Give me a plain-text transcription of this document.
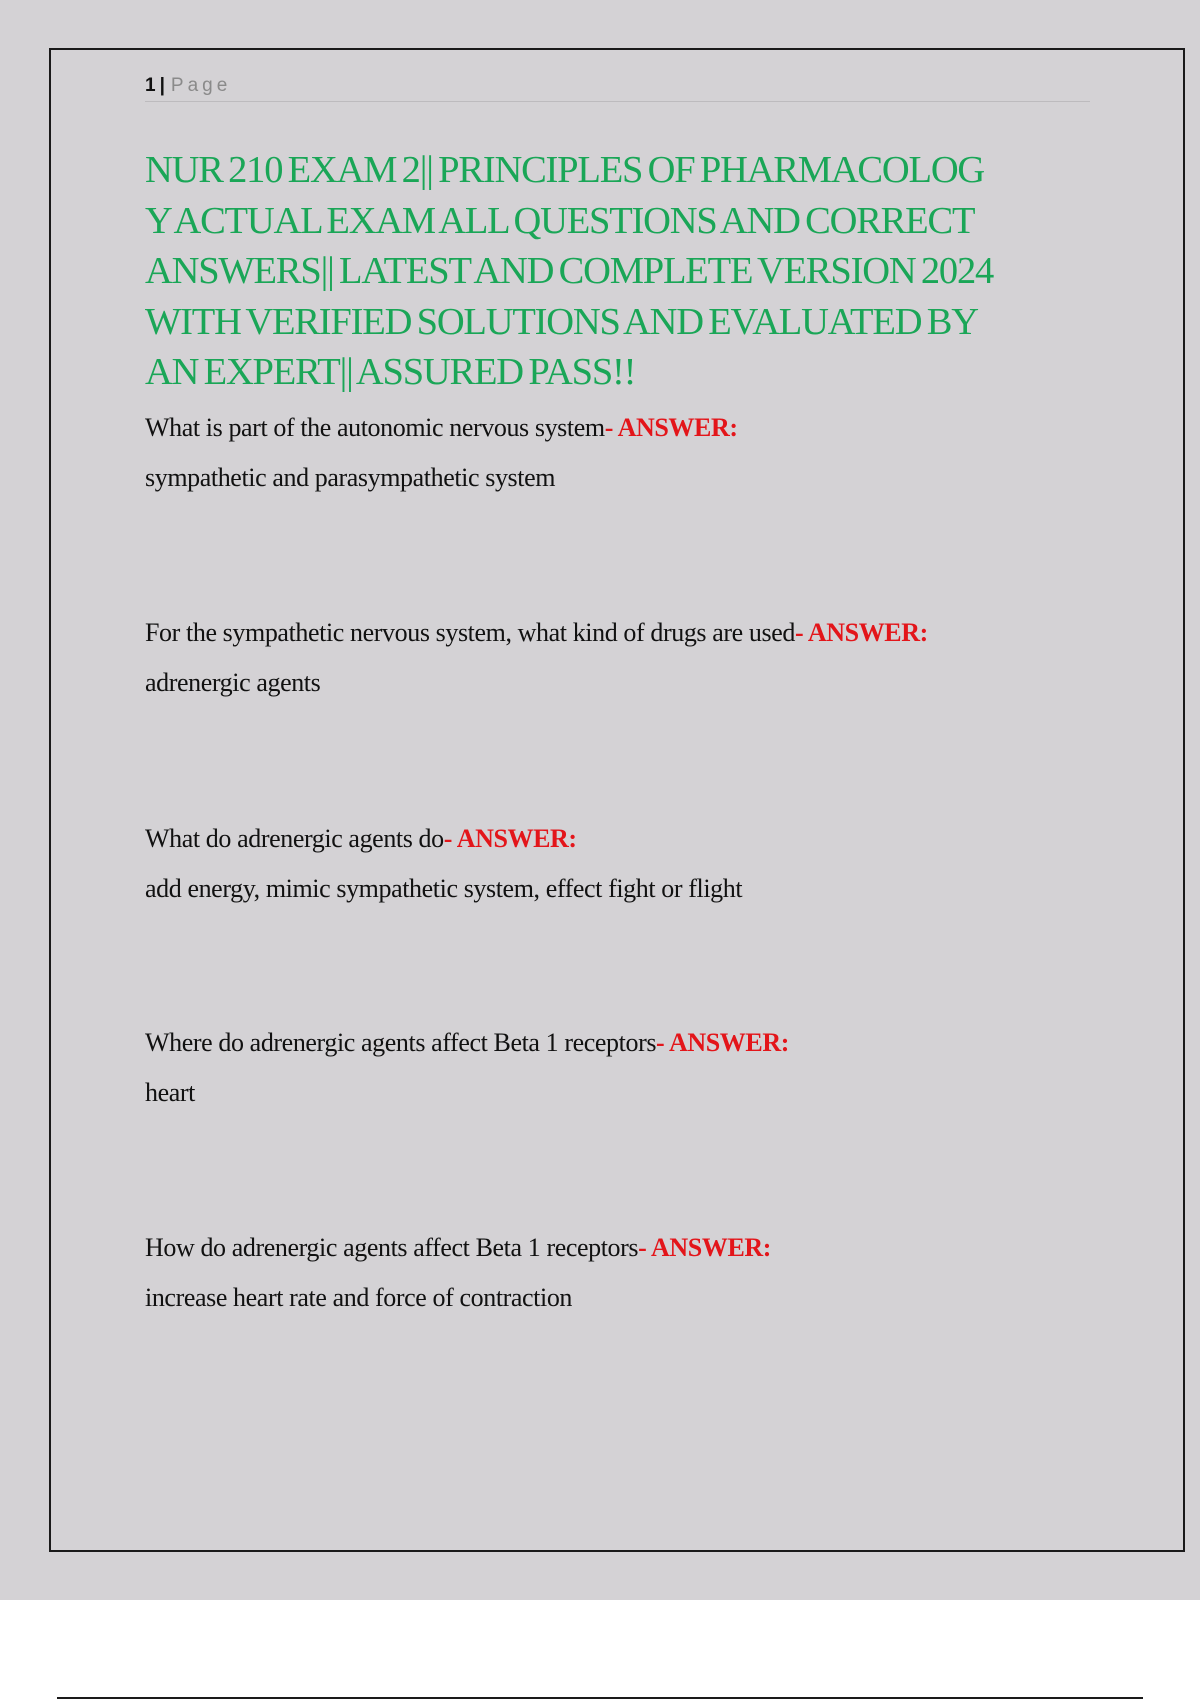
1 | Page
NUR 210 EXAM 2|| PRINCIPLES OF PHARMACOLOG
Y ACTUAL EXAM ALL QUESTIONS AND CORRECT
ANSWERS|| LATEST AND COMPLETE VERSION 2024
WITH VERIFIED SOLUTIONS AND EVALUATED BY
AN EXPERT|| ASSURED PASS!!
What is part of the autonomic nervous system- ANSWER:
sympathetic and parasympathetic system
For the sympathetic nervous system, what kind of drugs are used- ANSWER:
adrenergic agents
What do adrenergic agents do- ANSWER:
add energy, mimic sympathetic system, effect fight or flight
Where do adrenergic agents affect Beta 1 receptors- ANSWER:
heart
How do adrenergic agents affect Beta 1 receptors- ANSWER:
increase heart rate and force of contraction
